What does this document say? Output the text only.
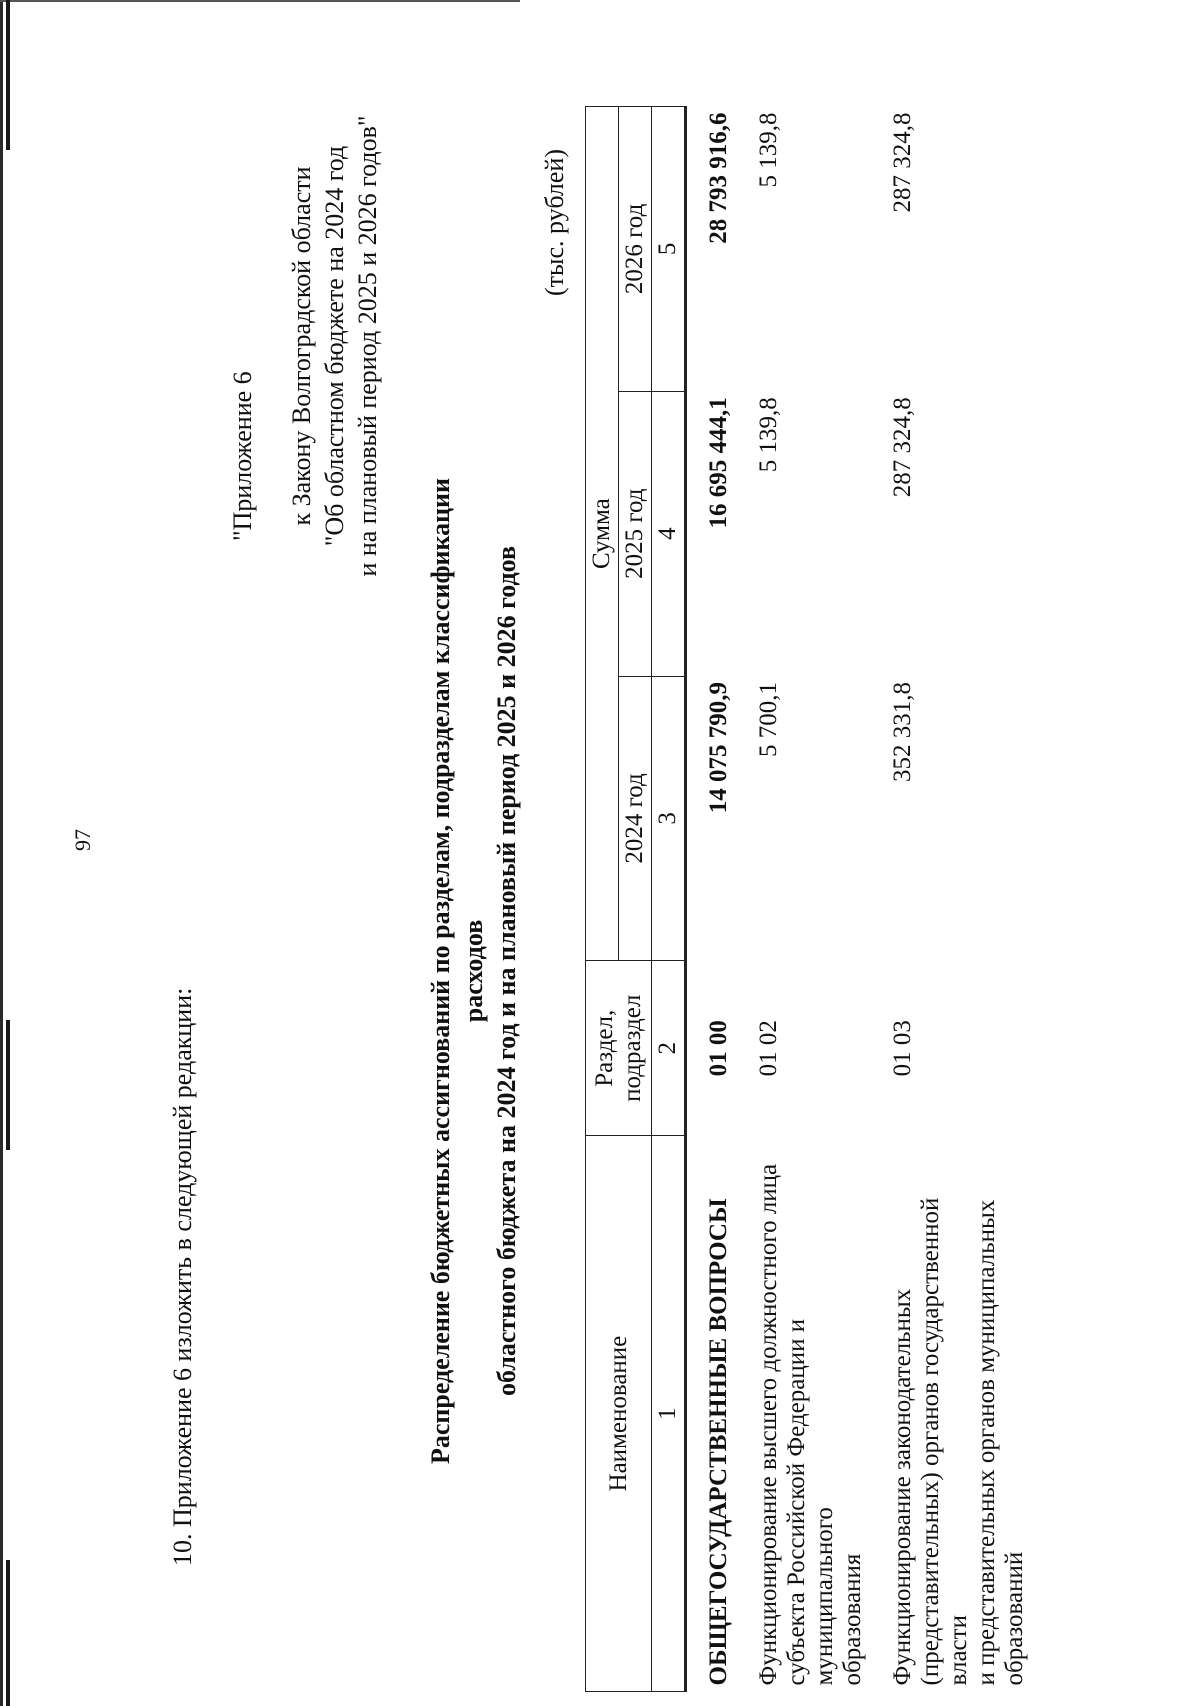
97
10. Приложение 6 изложить в следующей редакции:
"Приложение 6 к Закону Волгоградской области "Об областном бюджете на 2024 год и на плановый период 2025 и 2026 годов"
Распределение бюджетных ассигнований по разделам, подразделам классификации расходов областного бюджета на 2024 год и на плановый период 2025 и 2026 годов
(тыс. рублей)
Наименование	Раздел, подраздел	Сумма		
		2024 год	2025 год	2026 год
1	2	3	4	5

ОБЩЕГОСУДАРСТВЕННЫЕ ВОПРОСЫ	01 00	14 075 790,9	16 695 444,1	28 793 916,6

Функционирование высшего должностного лица субъекта Российской Федерации и муниципального образования	01 02	5 700,1	5 139,8	5 139,8

Функционирование законодательных (представительных) органов государственной власти и представительных органов муниципальных образований	01 03	352 331,8	287 324,8	287 324,8
